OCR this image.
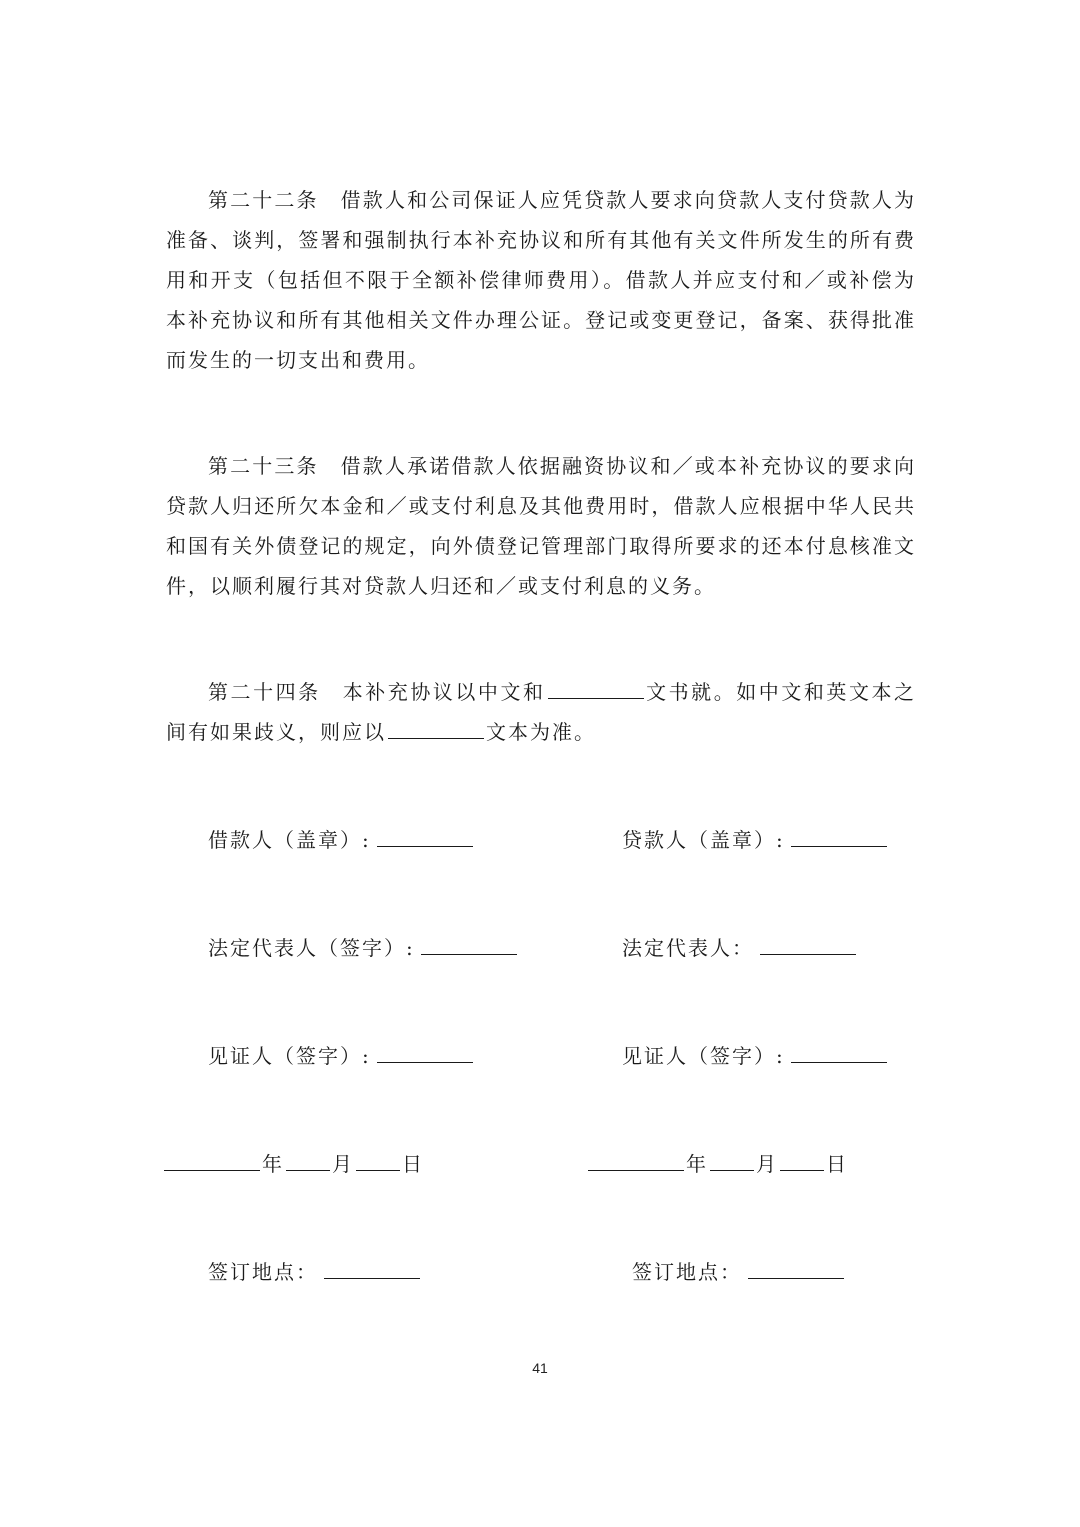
第二十二条 借款人和公司保证人应凭贷款人要求向贷款人支付贷款人为准备、谈判，签署和强制执行本补充协议和所有其他有关文件所发生的所有费用和开支（包括但不限于全额补偿律师费用）。借款人并应支付和／或补偿为本补充协议和所有其他相关文件办理公证。登记或变更登记，备案、获得批准而发生的一切支出和费用。

第二十三条 借款人承诺借款人依据融资协议和／或本补充协议的要求向贷款人归还所欠本金和／或支付利息及其他费用时，借款人应根据中华人民共和国有关外债登记的规定，向外债登记管理部门取得所要求的还本付息核准文件，以顺利履行其对贷款人归还和／或支付利息的义务。

第二十四条 本补充协议以中文和	文书就。如中文和英文本之间有如果歧义，则应以	文本为准。

借款人（盖章）:	贷款人（盖章）:
法定代表人（签字）:	法定代表人：
见证人（签字）:	见证人（签字）:
年 月 日	年 月 日
签订地点：	签订地点：
41
